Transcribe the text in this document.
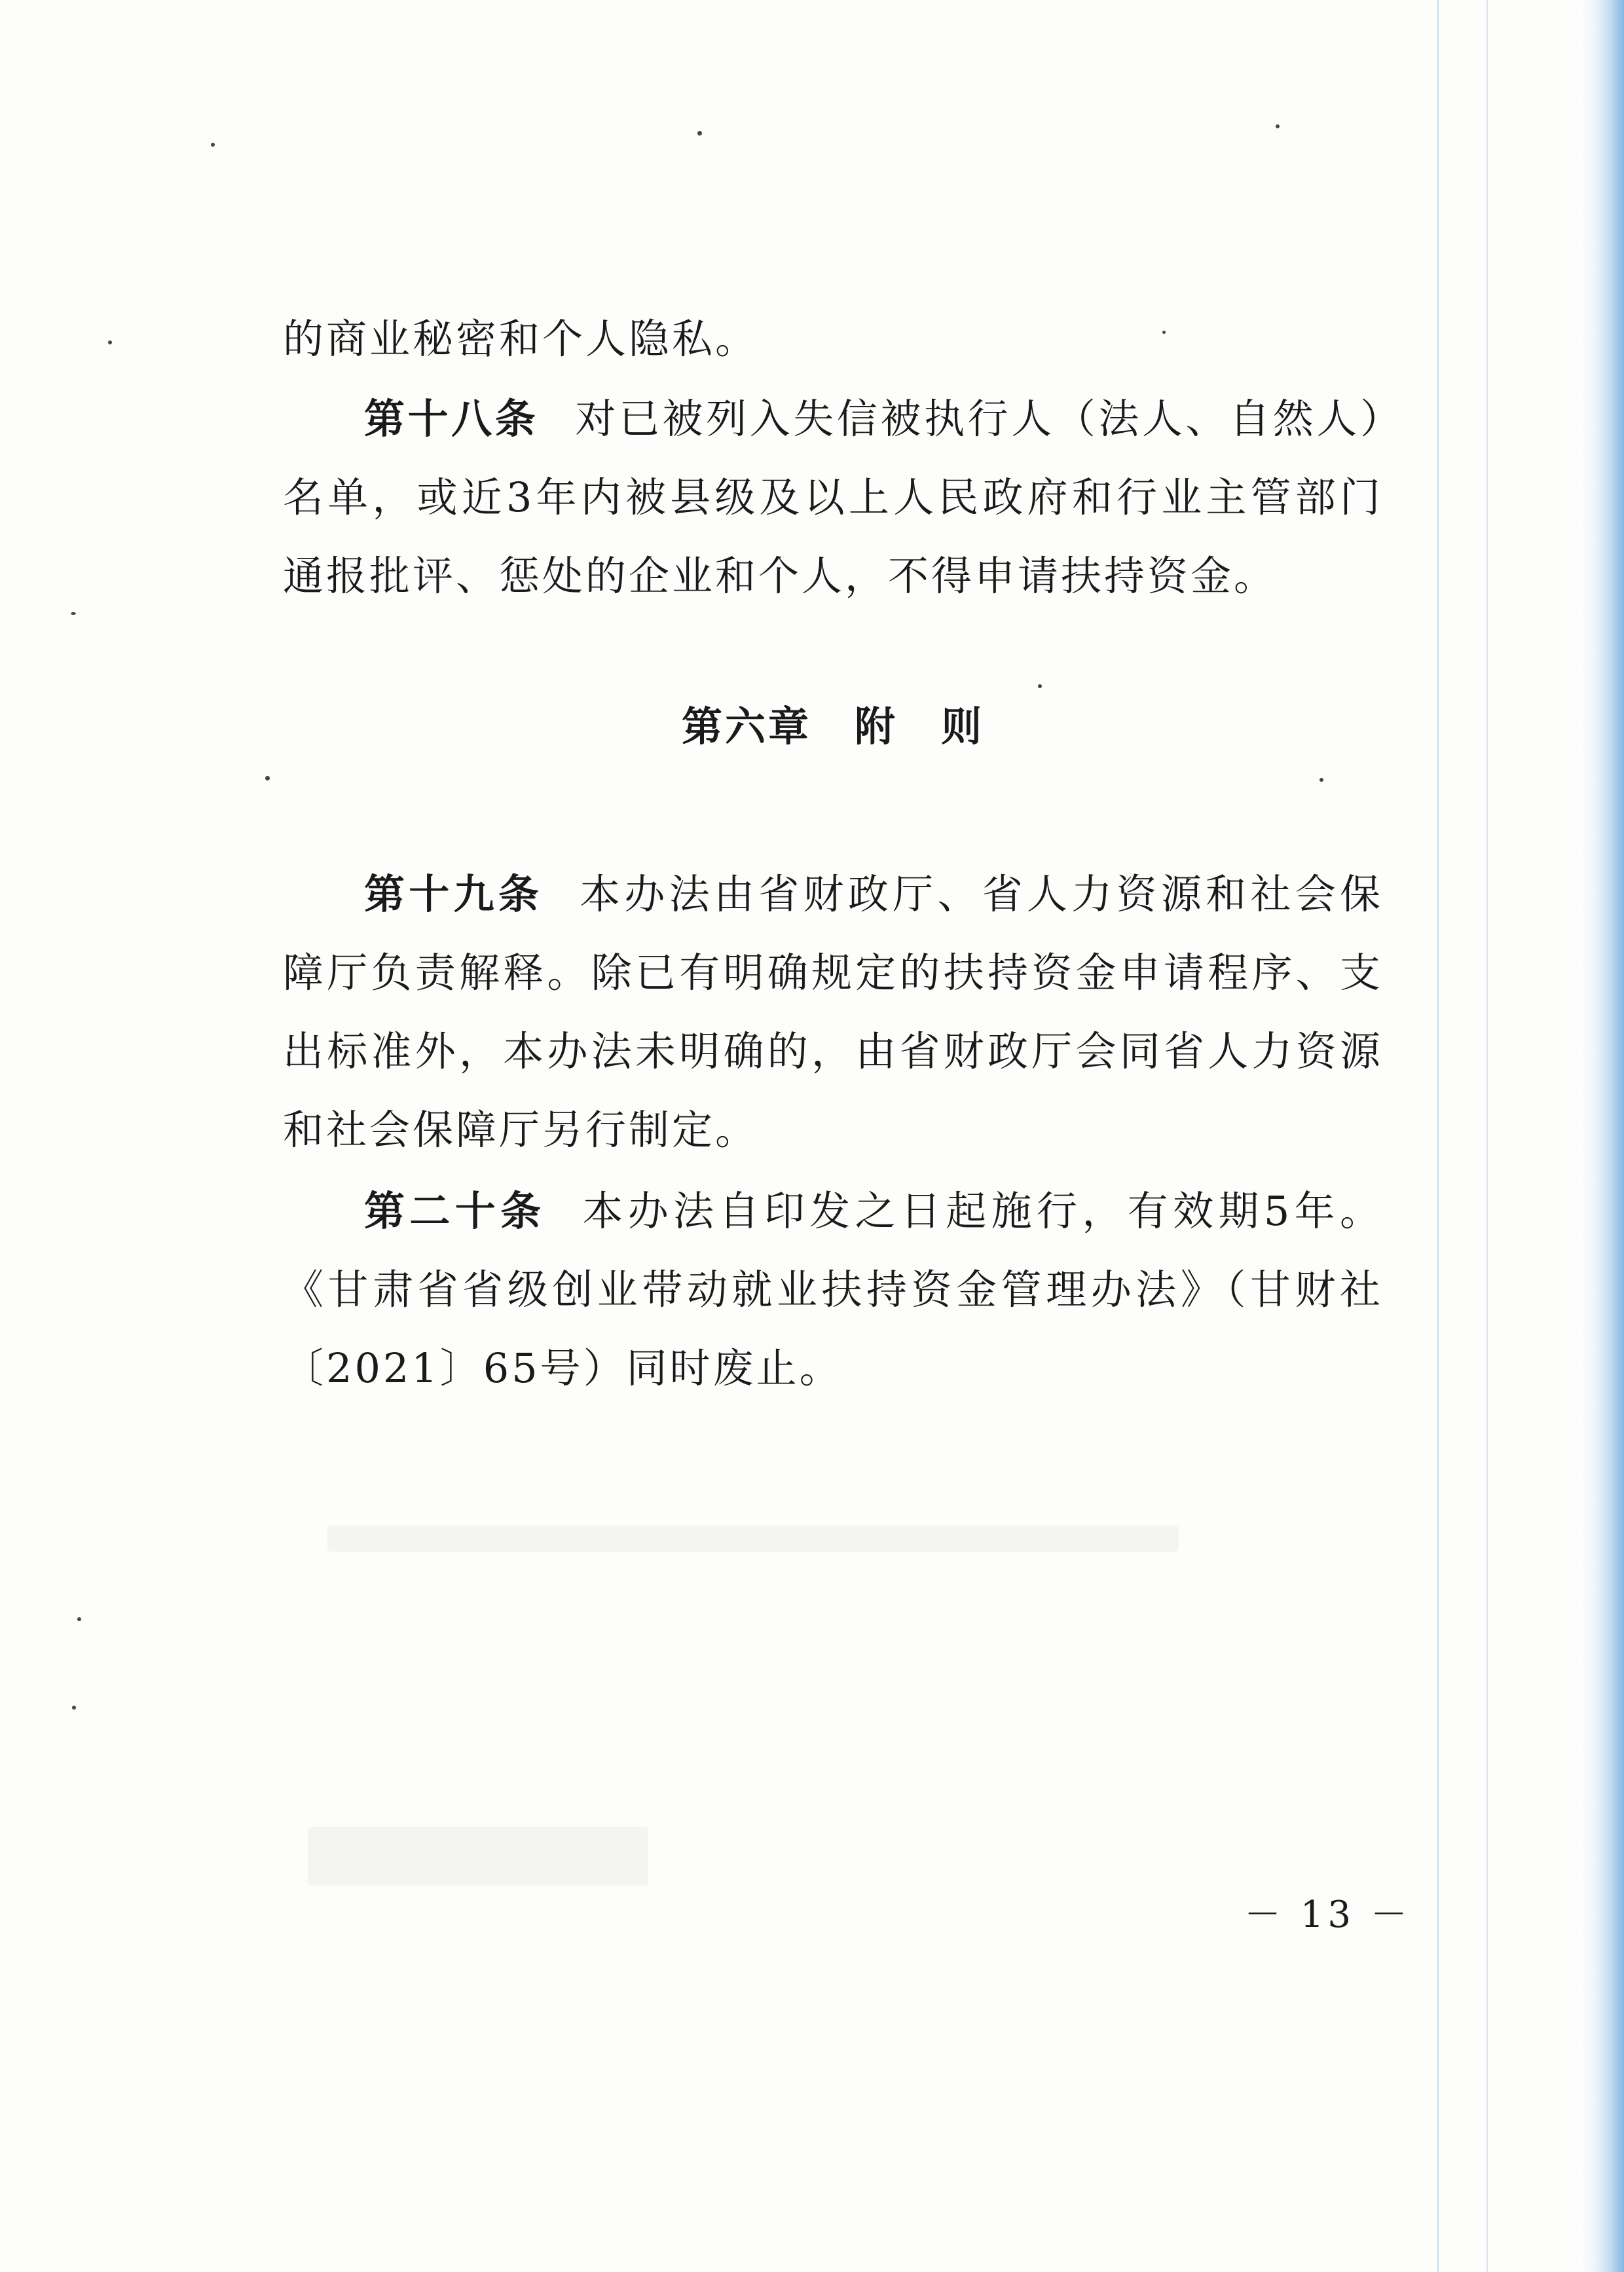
的商业秘密和个人隐私。

第十八条 对已被列入失信被执行人（法人、自然人）名单，或近3年内被县级及以上人民政府和行业主管部门通报批评、惩处的企业和个人，不得申请扶持资金。

第六章　附　则

第十九条 本办法由省财政厅、省人力资源和社会保障厅负责解释。除已有明确规定的扶持资金申请程序、支出标准外，本办法未明确的，由省财政厅会同省人力资源和社会保障厅另行制定。

第二十条 本办法自印发之日起施行，有效期5年。《甘肃省省级创业带动就业扶持资金管理办法》（甘财社〔2021〕65号）同时废止。

－ 13 －
